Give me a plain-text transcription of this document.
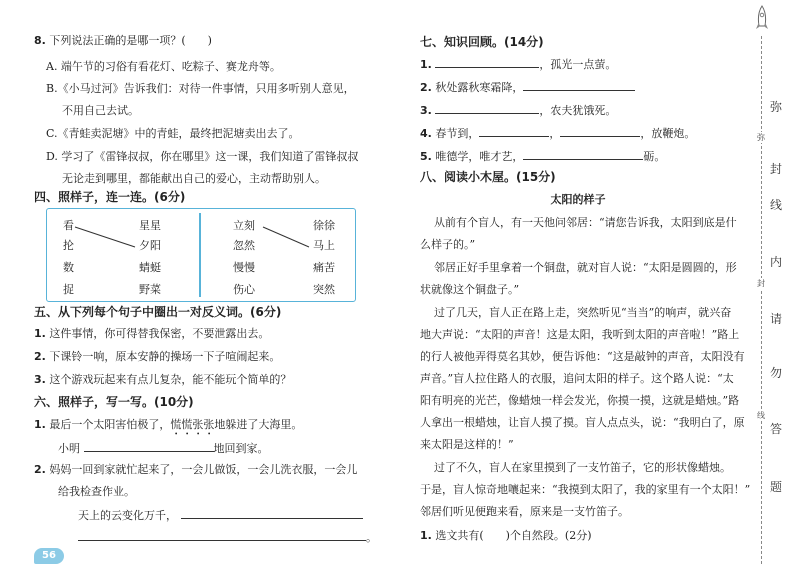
8. 下列说法正确的是哪一项？(　　)
A. 端午节的习俗有看花灯、吃粽子、赛龙舟等。
B.《小马过河》告诉我们：对待一件事情，只用多听别人意见，
不用自己去试。
C.《青蛙卖泥塘》中的青蛙，最终把泥塘卖出去了。
D. 学习了《雷锋叔叔，你在哪里》这一课，我们知道了雷锋叔叔
无论走到哪里，都能献出自己的爱心，主动帮助别人。
四、照样子，连一连。(6分)
看
抡
数
捉
星星
夕阳
蜻蜓
野菜
立刻
忽然
慢慢
伤心
徐徐
马上
痛苦
突然
五、从下列每个句子中圈出一对反义词。(6分)
1. 这件事情，你可得替我保密，不要泄露出去。
2. 下课铃一响，原本安静的操场一下子喧闹起来。
3. 这个游戏玩起来有点儿复杂，能不能玩个简单的？
六、照样子，写一写。(10分)
1. 最后一个太阳害怕极了，慌慌张张地躲进了大海里。
小明	地回到家。
2. 妈妈一回到家就忙起来了，一会儿做饭，一会儿洗衣服，一会儿
给我检查作业。
天上的云变化万千，
。
56
七、知识回顾。(14分)
1.	，孤光一点萤。
2. 秋处露秋寒霜降，
3.	，农夫犹饿死。
4. 春节到，	，	，放鞭炮。
5. 唯德学，唯才艺，	砺。
八、阅读小木屋。(15分)
太阳的样子
从前有个盲人，有一天他问邻居：“请您告诉我，太阳到底是什
么样子的。”
邻居正好手里拿着一个铜盘，就对盲人说：“太阳是圆圆的，形
状就像这个铜盘子。”
过了几天，盲人正在路上走，突然听见“当当”的响声，就兴奋
地大声说：“太阳的声音！这是太阳，我听到太阳的声音啦！”路上
的行人被他弄得莫名其妙，便告诉他：“这是敲钟的声音，太阳没有
声音。”盲人拉住路人的衣服，追问太阳的样子。这个路人说：“太
阳有明亮的光芒，像蜡烛一样会发光，你摸一摸，这就是蜡烛。”路
人拿出一根蜡烛，让盲人摸了摸。盲人点点头，说：“我明白了，原
来太阳是这样的！”
过了不久，盲人在家里摸到了一支竹笛子，它的形状像蜡烛。
于是，盲人惊奇地嚷起来：“我摸到太阳了，我的家里有一个太阳！”
邻居们听见便跑来看，原来是一支竹笛子。
1. 选文共有(　　)个自然段。(2分)
弥
封
线
弥
封
线
内
请
勿
答
题
